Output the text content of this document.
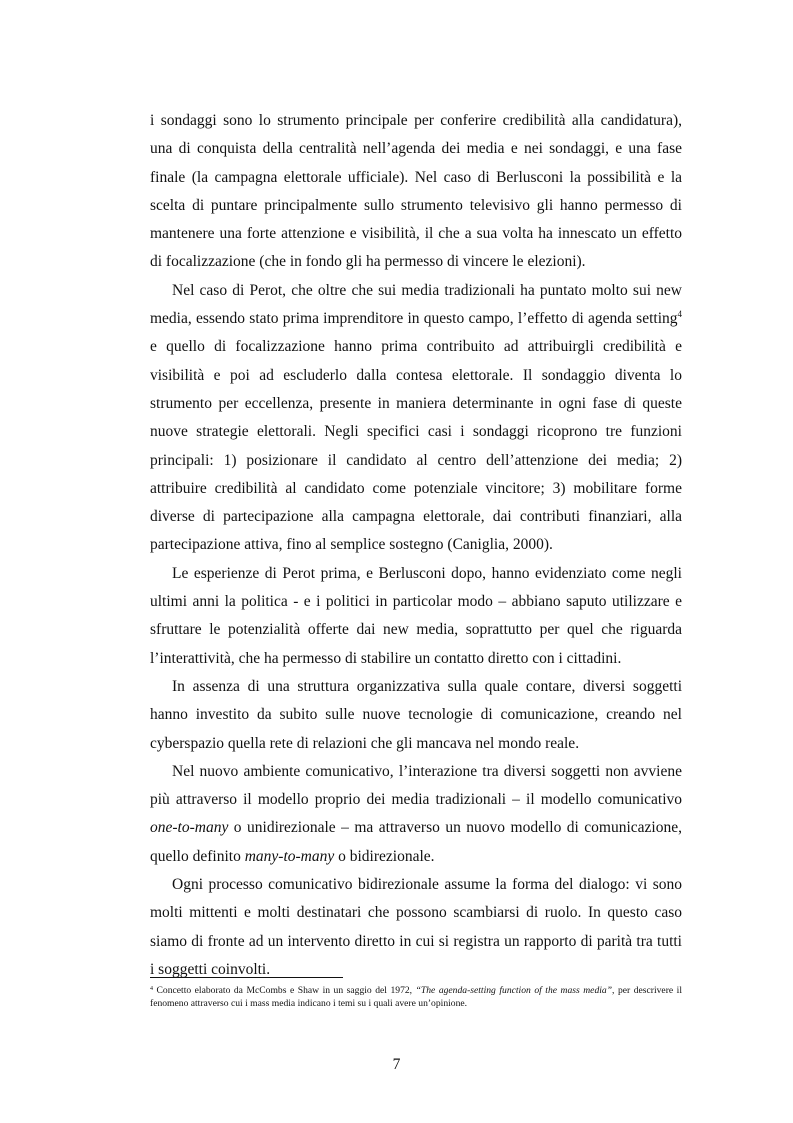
i sondaggi sono lo strumento principale per conferire credibilità alla candidatura), una di conquista della centralità nell’agenda dei media e nei sondaggi, e una fase finale (la campagna elettorale ufficiale). Nel caso di Berlusconi la possibilità e la scelta di puntare principalmente sullo strumento televisivo gli hanno permesso di mantenere una forte attenzione e visibilità, il che a sua volta ha innescato un effetto di focalizzazione (che in fondo gli ha permesso di vincere le elezioni).

Nel caso di Perot, che oltre che sui media tradizionali ha puntato molto sui new media, essendo stato prima imprenditore in questo campo, l’effetto di agenda setting$^4$ e quello di focalizzazione hanno prima contribuito ad attribuirgli credibilità e visibilità e poi ad escluderlo dalla contesa elettorale. Il sondaggio diventa lo strumento per eccellenza, presente in maniera determinante in ogni fase di queste nuove strategie elettorali. Negli specifici casi i sondaggi ricoprono tre funzioni principali: 1) posizionare il candidato al centro dell’attenzione dei media; 2) attribuire credibilità al candidato come potenziale vincitore; 3) mobilitare forme diverse di partecipazione alla campagna elettorale, dai contributi finanziari, alla partecipazione attiva, fino al semplice sostegno (Caniglia, 2000).

Le esperienze di Perot prima, e Berlusconi dopo, hanno evidenziato come negli ultimi anni la politica - e i politici in particolar modo – abbiano saputo utilizzare e sfruttare le potenzialità offerte dai new media, soprattutto per quel che riguarda l’interattività, che ha permesso di stabilire un contatto diretto con i cittadini.

In assenza di una struttura organizzativa sulla quale contare, diversi soggetti hanno investito da subito sulle nuove tecnologie di comunicazione, creando nel cyberspazio quella rete di relazioni che gli mancava nel mondo reale.

Nel nuovo ambiente comunicativo, l’interazione tra diversi soggetti non avviene più attraverso il modello proprio dei media tradizionali – il modello comunicativo one-to-many o unidirezionale – ma attraverso un nuovo modello di comunicazione, quello definito many-to-many o bidirezionale.

Ogni processo comunicativo bidirezionale assume la forma del dialogo: vi sono molti mittenti e molti destinatari che possono scambiarsi di ruolo. In questo caso siamo di fronte ad un intervento diretto in cui si registra un rapporto di parità tra tutti i soggetti coinvolti.

$^4$ Concetto elaborato da McCombs e Shaw in un saggio del 1972, “The agenda-setting function of the mass media”, per descrivere il fenomeno attraverso cui i mass media indicano i temi su i quali avere un’opinione.

7
